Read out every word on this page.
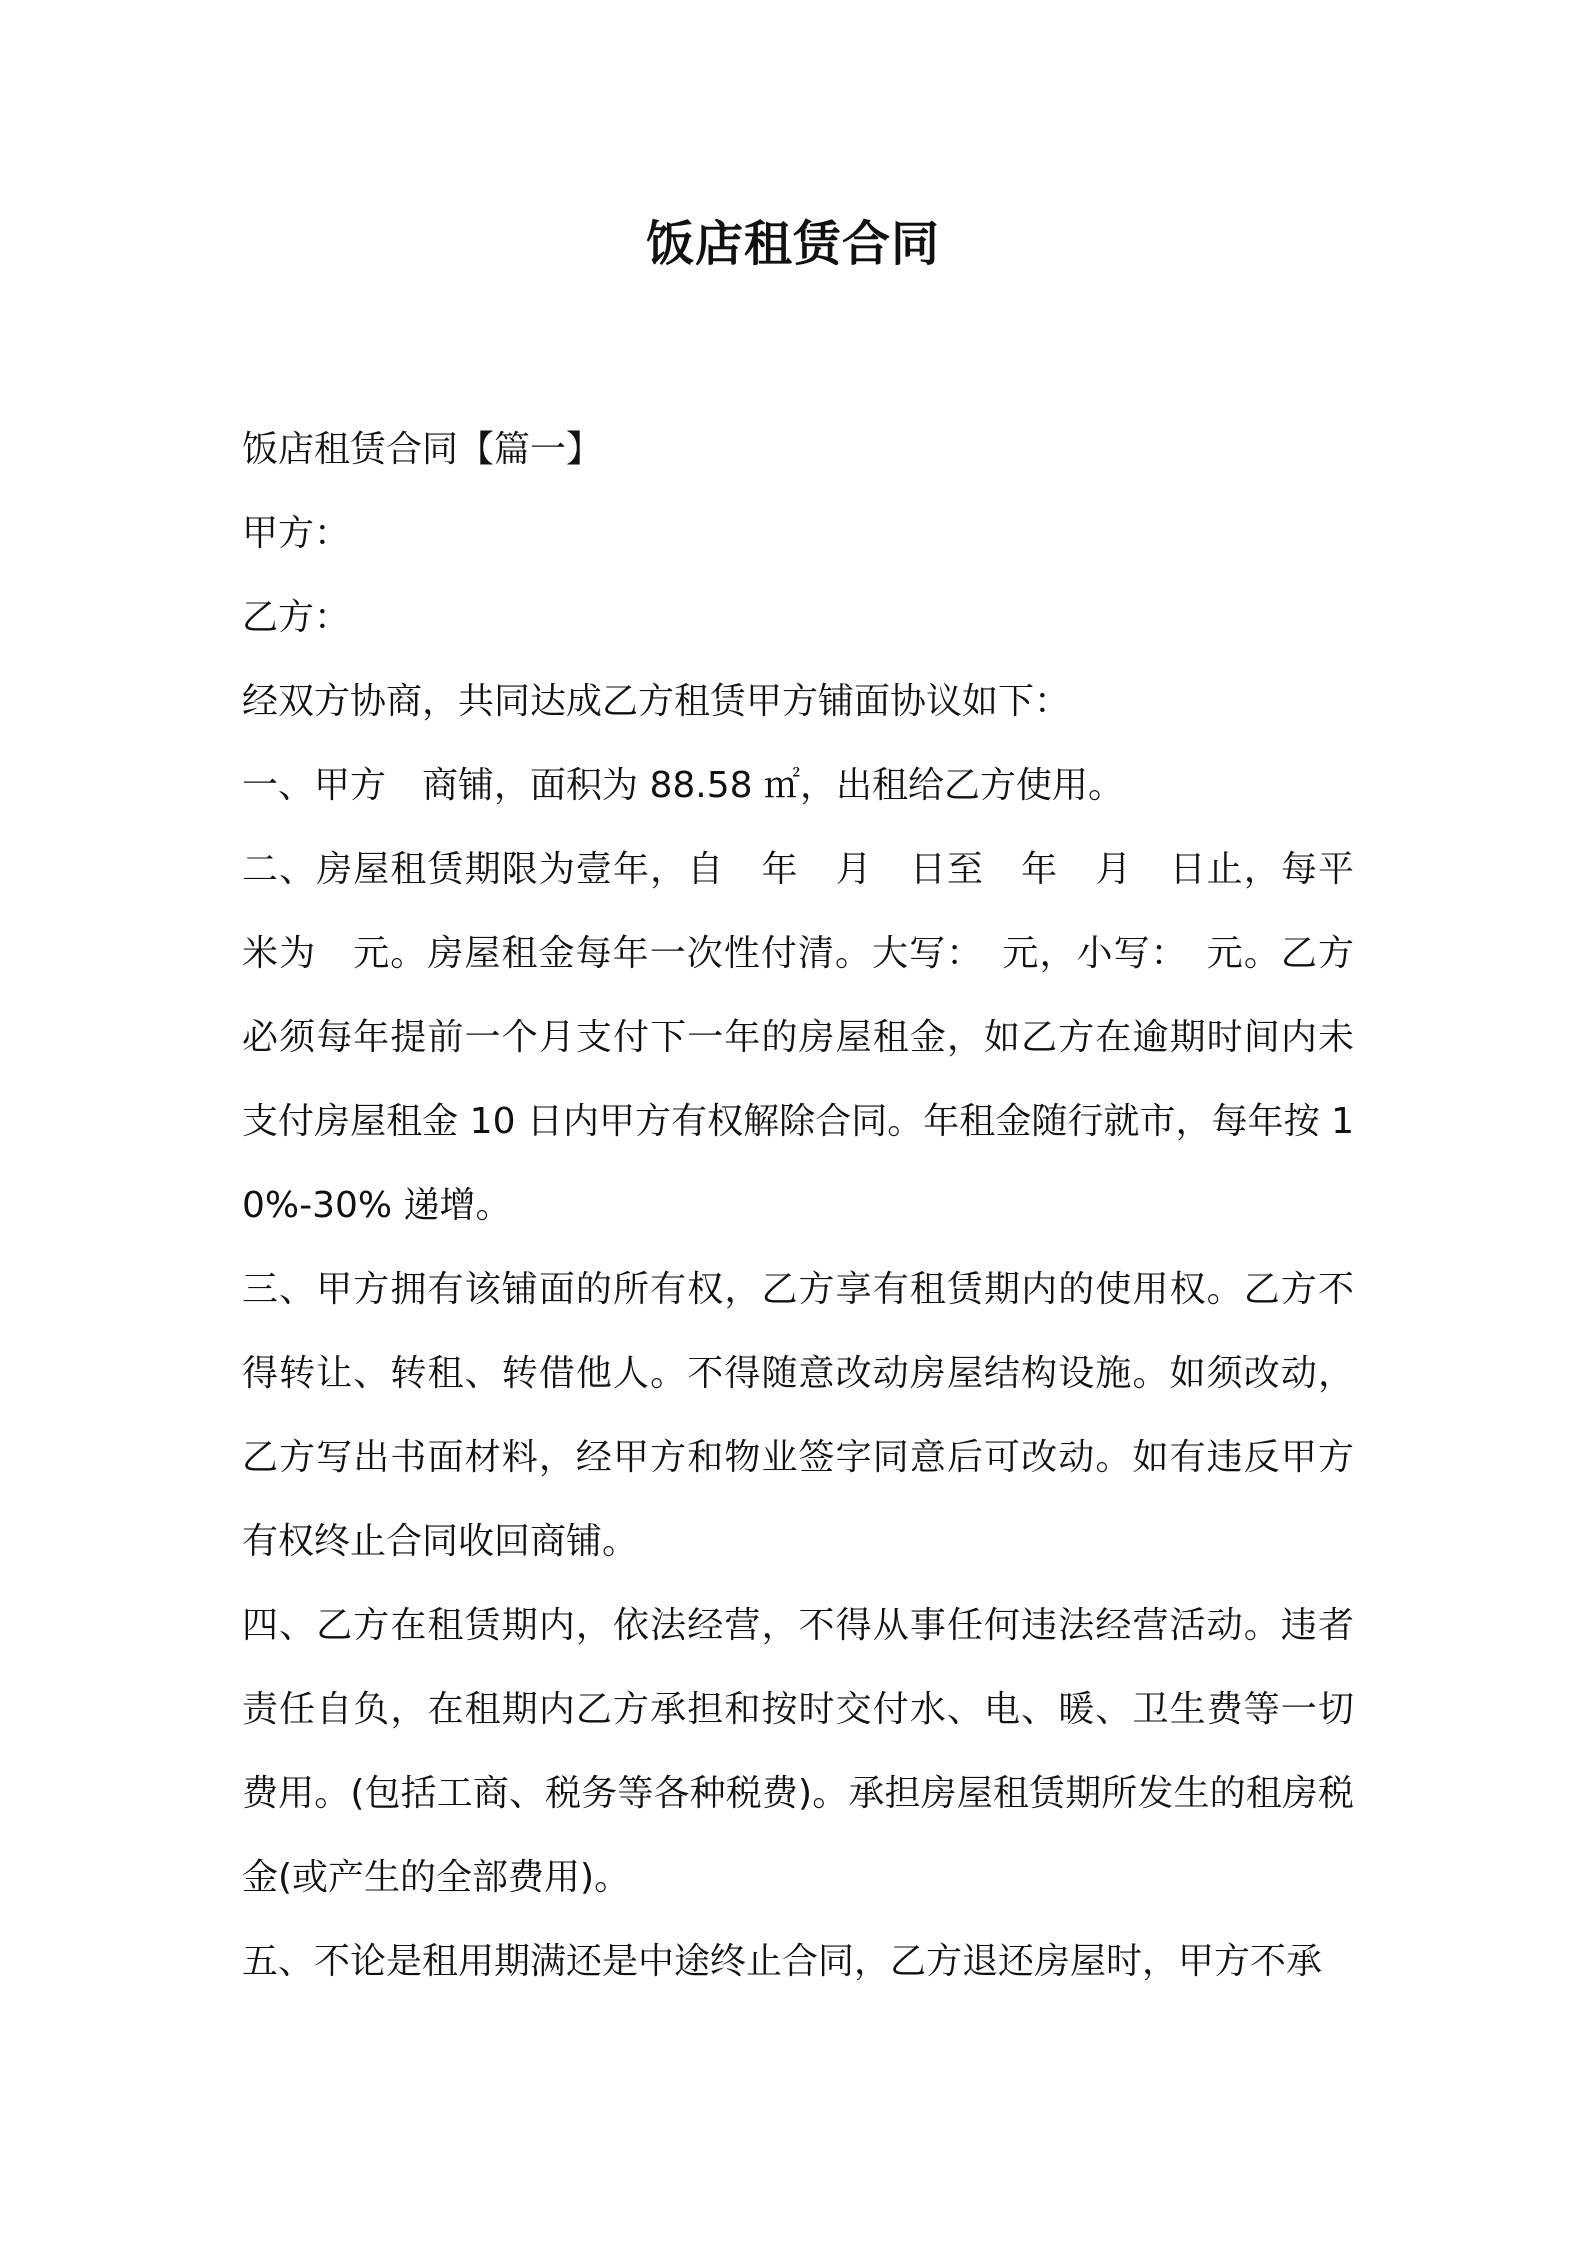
饭店租赁合同

饭店租赁合同【篇一】

甲方：

乙方：

经双方协商，共同达成乙方租赁甲方铺面协议如下：

一、甲方　商铺，面积为 88.58 ㎡，出租给乙方使用。

二、房屋租赁期限为壹年，自　年　月　日至　年　月　日止，每平米为　元。房屋租金每年一次性付清。大写：　元，小写：　元。乙方必须每年提前一个月支付下一年的房屋租金，如乙方在逾期时间内未支付房屋租金 10 日内甲方有权解除合同。年租金随行就市，每年按 10%-30% 递增。

三、甲方拥有该铺面的所有权，乙方享有租赁期内的使用权。乙方不得转让、转租、转借他人。不得随意改动房屋结构设施。如须改动，乙方写出书面材料，经甲方和物业签字同意后可改动。如有违反甲方有权终止合同收回商铺。

四、乙方在租赁期内，依法经营，不得从事任何违法经营活动。违者责任自负，在租期内乙方承担和按时交付水、电、暖、卫生费等一切费用。(包括工商、税务等各种税费)。承担房屋租赁期所发生的租房税金(或产生的全部费用)。

五、不论是租用期满还是中途终止合同，乙方退还房屋时，甲方不承
